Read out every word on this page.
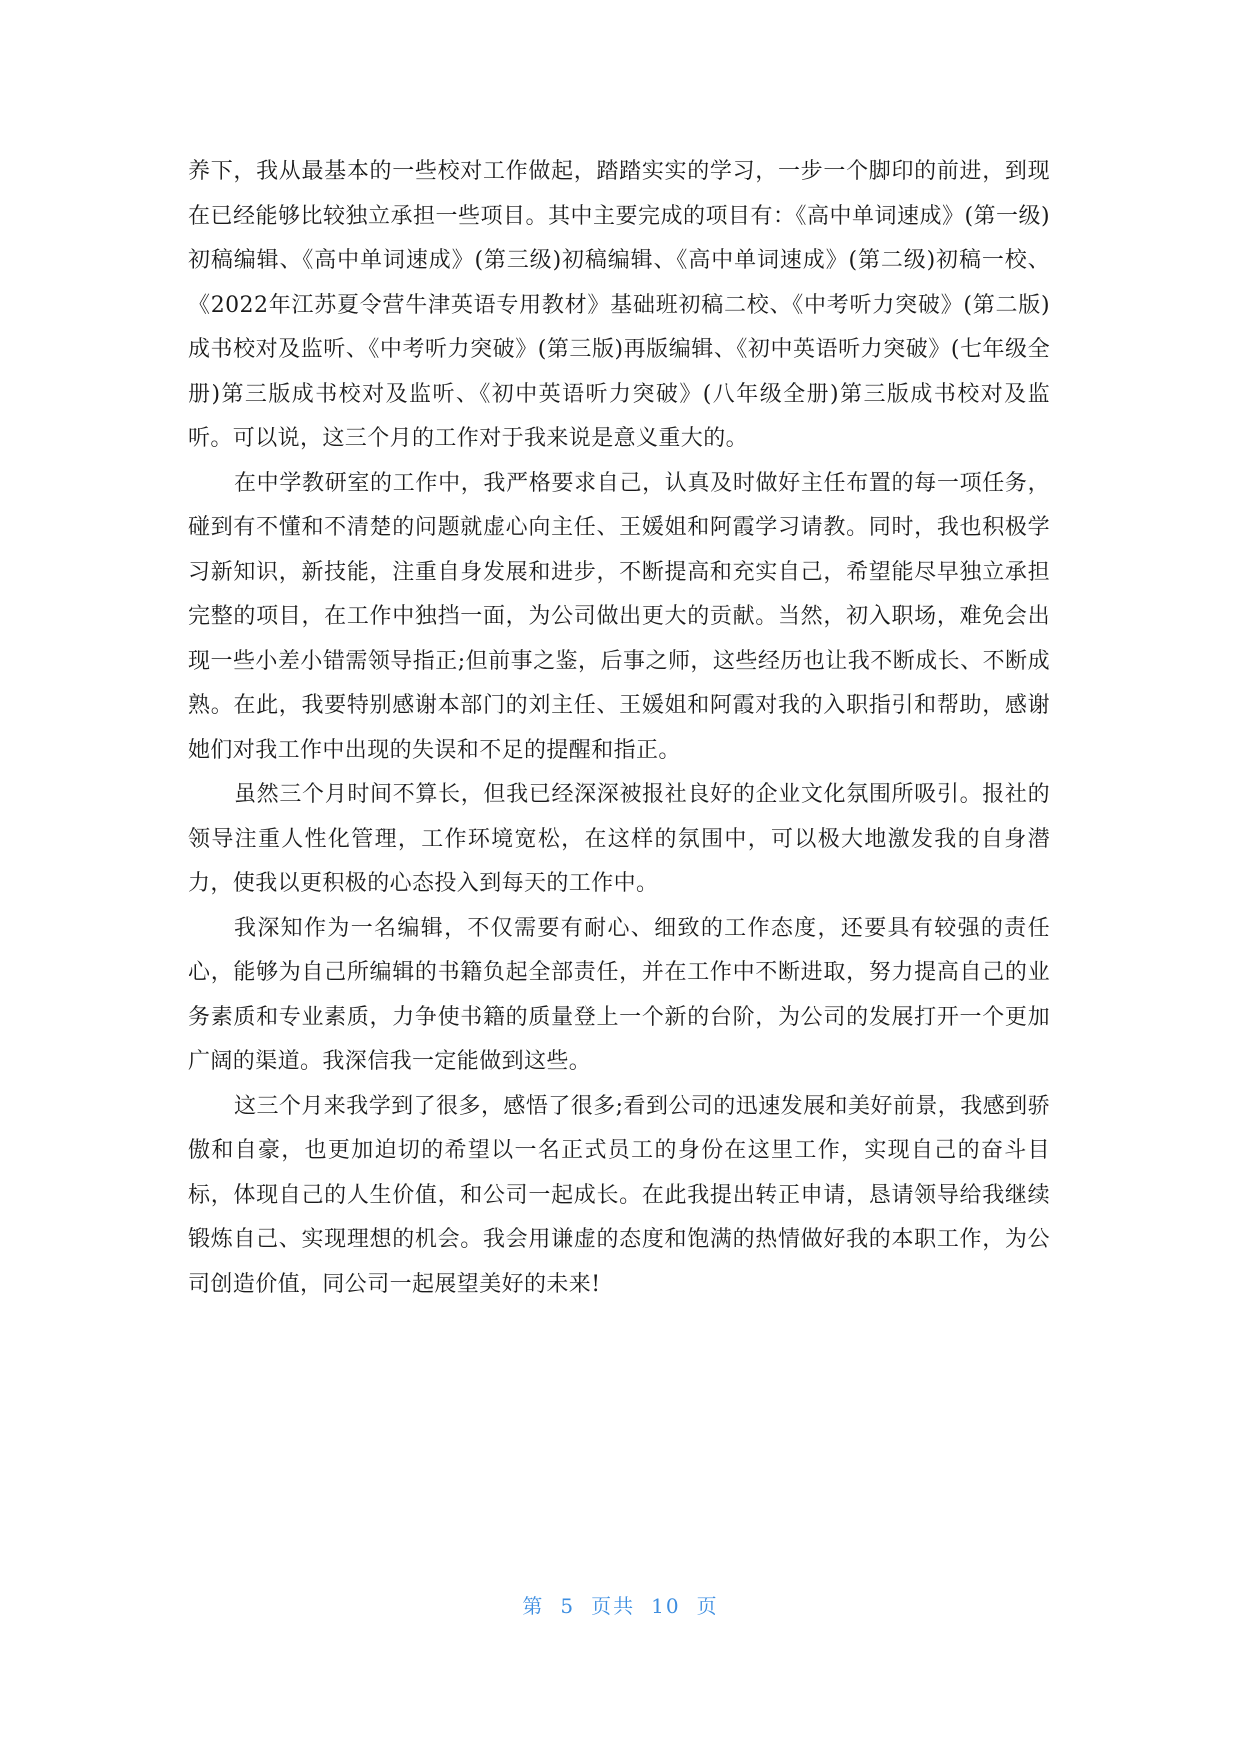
养下，我从最基本的一些校对工作做起，踏踏实实的学习，一步一个脚印的前进，到现在已经能够比较独立承担一些项目。其中主要完成的项目有：《高中单词速成》(第一级)初稿编辑、《高中单词速成》(第三级)初稿编辑、《高中单词速成》(第二级)初稿一校、《2022年江苏夏令营牛津英语专用教材》基础班初稿二校、《中考听力突破》(第二版)成书校对及监听、《中考听力突破》(第三版)再版编辑、《初中英语听力突破》(七年级全册)第三版成书校对及监听、《初中英语听力突破》(八年级全册)第三版成书校对及监听。可以说，这三个月的工作对于我来说是意义重大的。

在中学教研室的工作中，我严格要求自己，认真及时做好主任布置的每一项任务，碰到有不懂和不清楚的问题就虚心向主任、王媛姐和阿霞学习请教。同时，我也积极学习新知识，新技能，注重自身发展和进步，不断提高和充实自己，希望能尽早独立承担完整的项目，在工作中独挡一面，为公司做出更大的贡献。当然，初入职场，难免会出现一些小差小错需领导指正;但前事之鉴，后事之师，这些经历也让我不断成长、不断成熟。在此，我要特别感谢本部门的刘主任、王媛姐和阿霞对我的入职指引和帮助，感谢她们对我工作中出现的失误和不足的提醒和指正。

虽然三个月时间不算长，但我已经深深被报社良好的企业文化氛围所吸引。报社的领导注重人性化管理，工作环境宽松，在这样的氛围中，可以极大地激发我的自身潜力，使我以更积极的心态投入到每天的工作中。

我深知作为一名编辑，不仅需要有耐心、细致的工作态度，还要具有较强的责任心，能够为自己所编辑的书籍负起全部责任，并在工作中不断进取，努力提高自己的业务素质和专业素质，力争使书籍的质量登上一个新的台阶，为公司的发展打开一个更加广阔的渠道。我深信我一定能做到这些。

这三个月来我学到了很多，感悟了很多;看到公司的迅速发展和美好前景，我感到骄傲和自豪，也更加迫切的希望以一名正式员工的身份在这里工作，实现自己的奋斗目标，体现自己的人生价值，和公司一起成长。在此我提出转正申请，恳请领导给我继续锻炼自己、实现理想的机会。我会用谦虚的态度和饱满的热情做好我的本职工作，为公司创造价值，同公司一起展望美好的未来!

第 5 页共 10 页
